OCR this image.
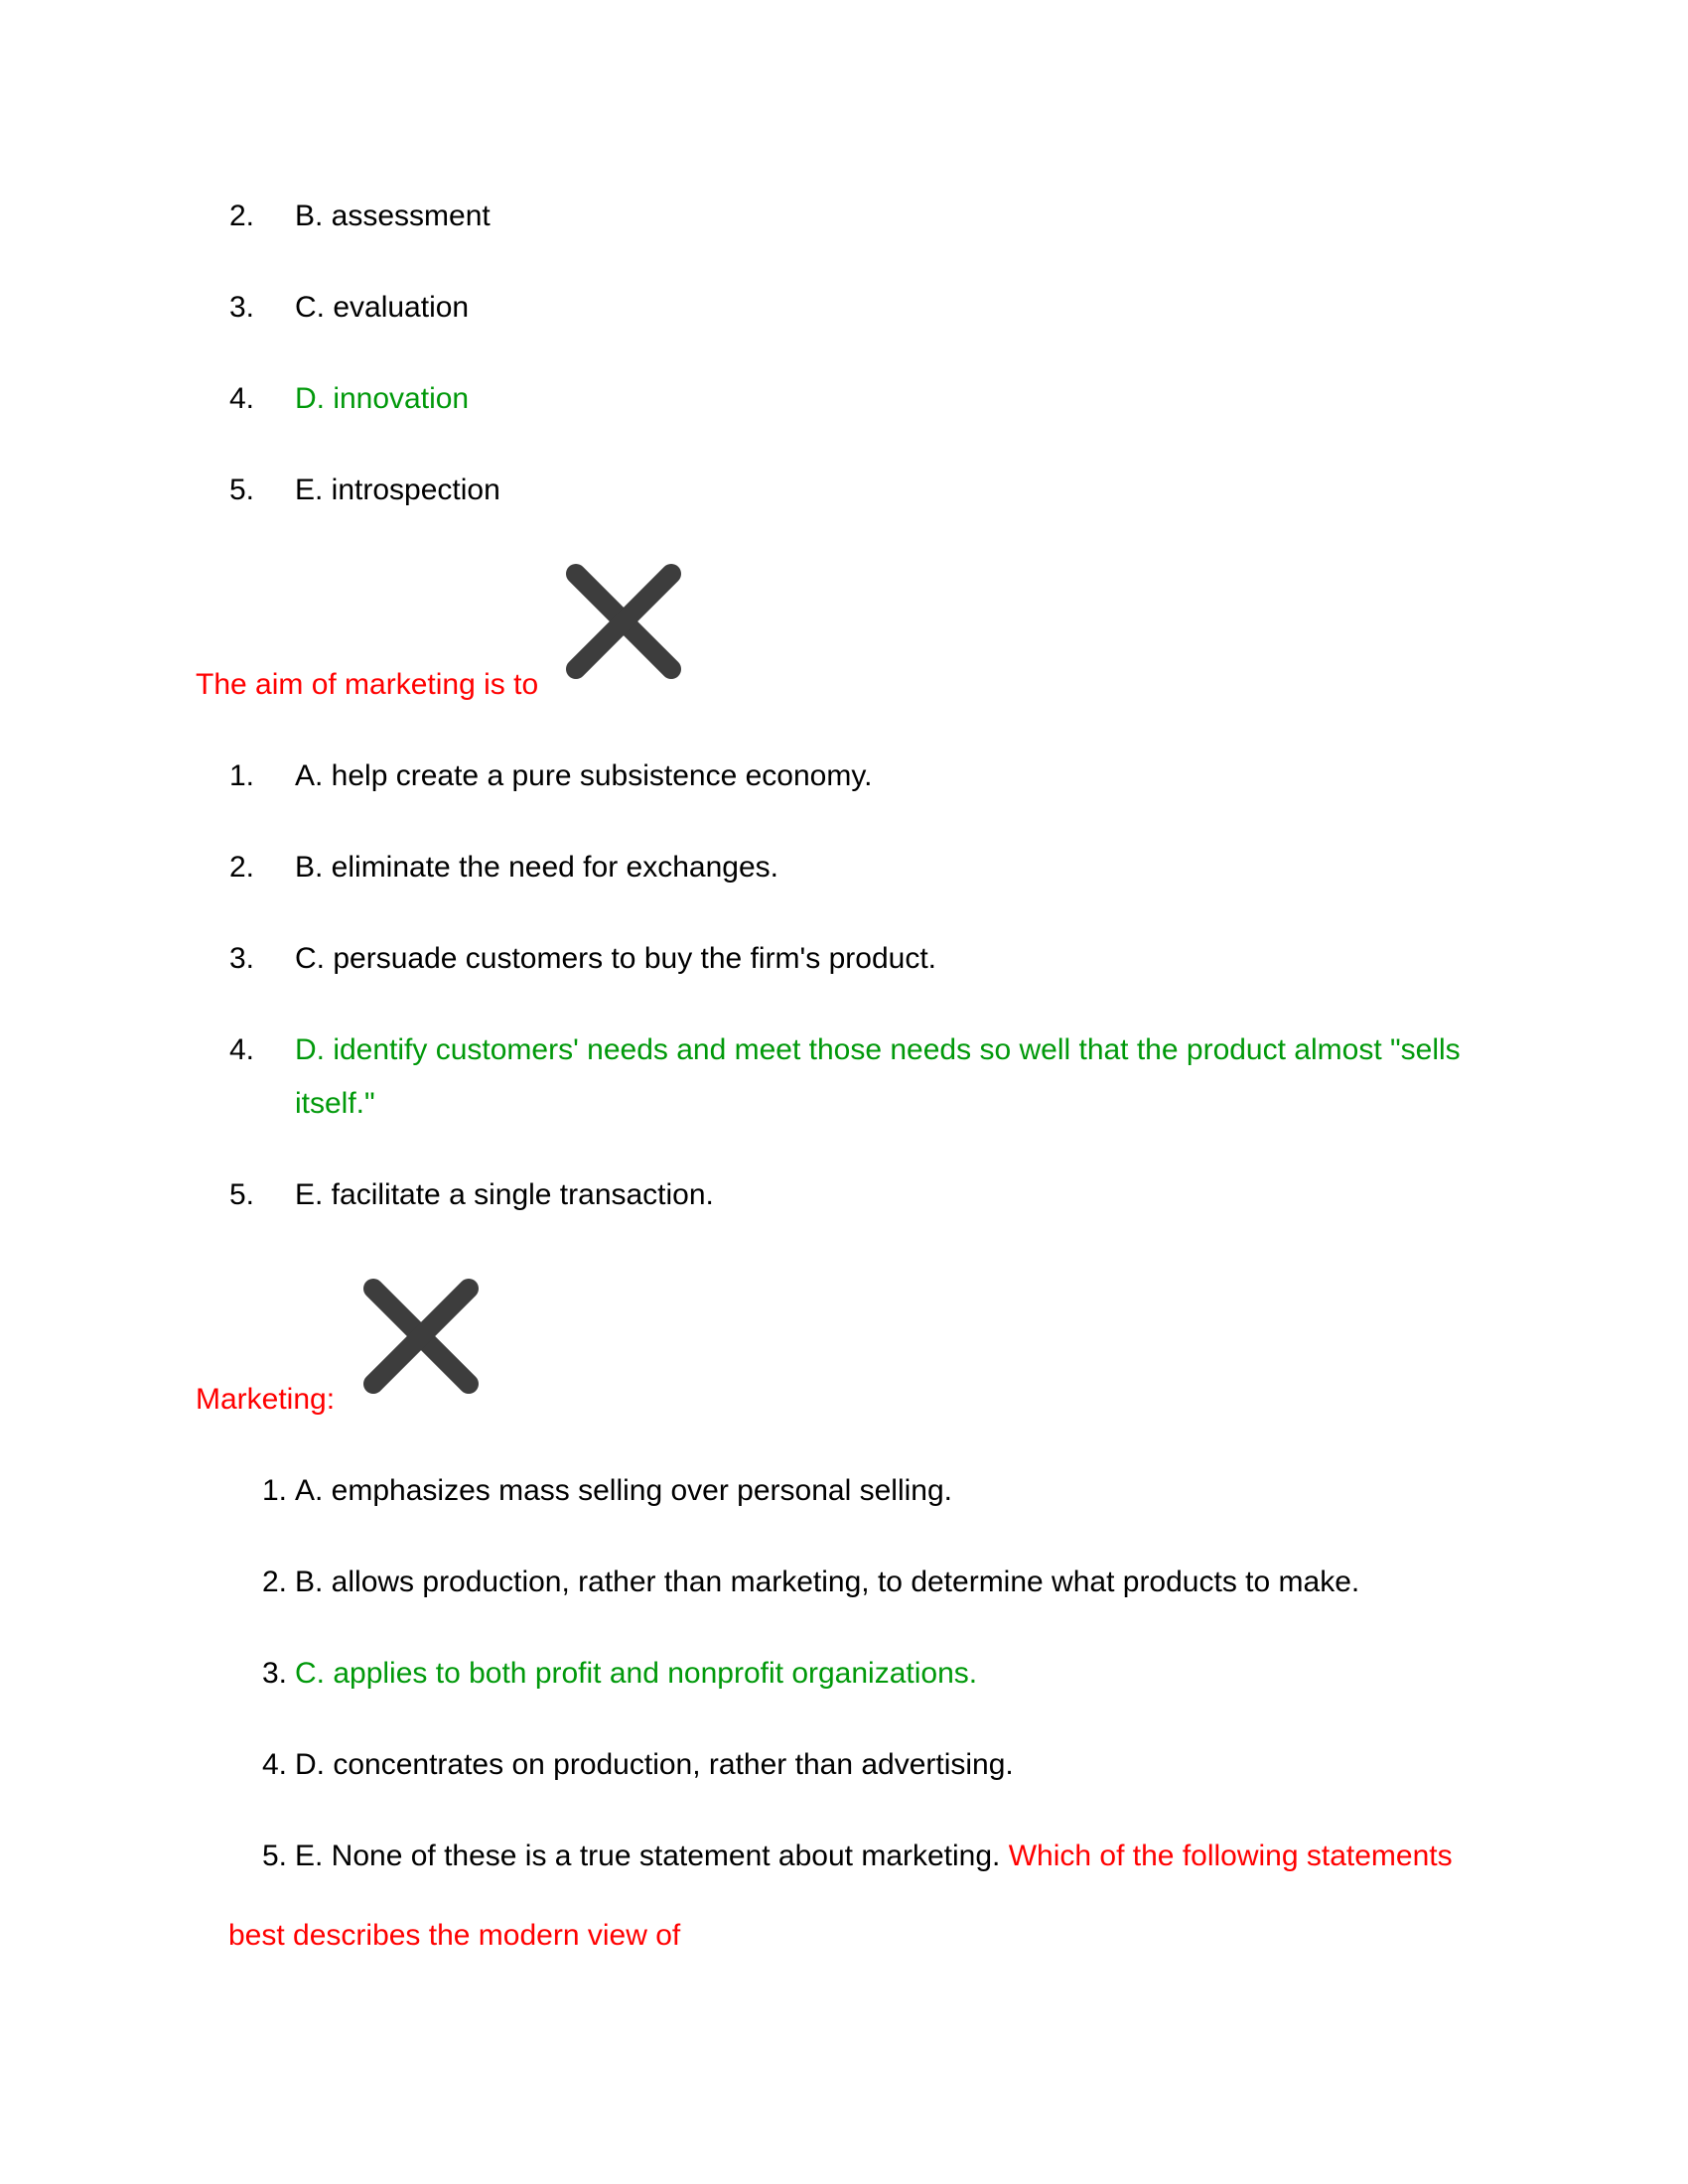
2.	B. assessment
3.	C. evaluation
4.	D. innovation
5.	E. introspection
The aim of marketing is to
1.	A. help create a pure subsistence economy.
2.	B. eliminate the need for exchanges.
3.	C. persuade customers to buy the firm's product.
4.	D. identify customers' needs and meet those needs so well that the product almost "sells
itself."
5.	E. facilitate a single transaction.
Marketing:
1. A. emphasizes mass selling over personal selling.
2. B. allows production, rather than marketing, to determine what products to make.
3. C. applies to both profit and nonprofit organizations.
4. D. concentrates on production, rather than advertising.
5. E. None of these is a true statement about marketing. Which of the following statements
best describes the modern view of
